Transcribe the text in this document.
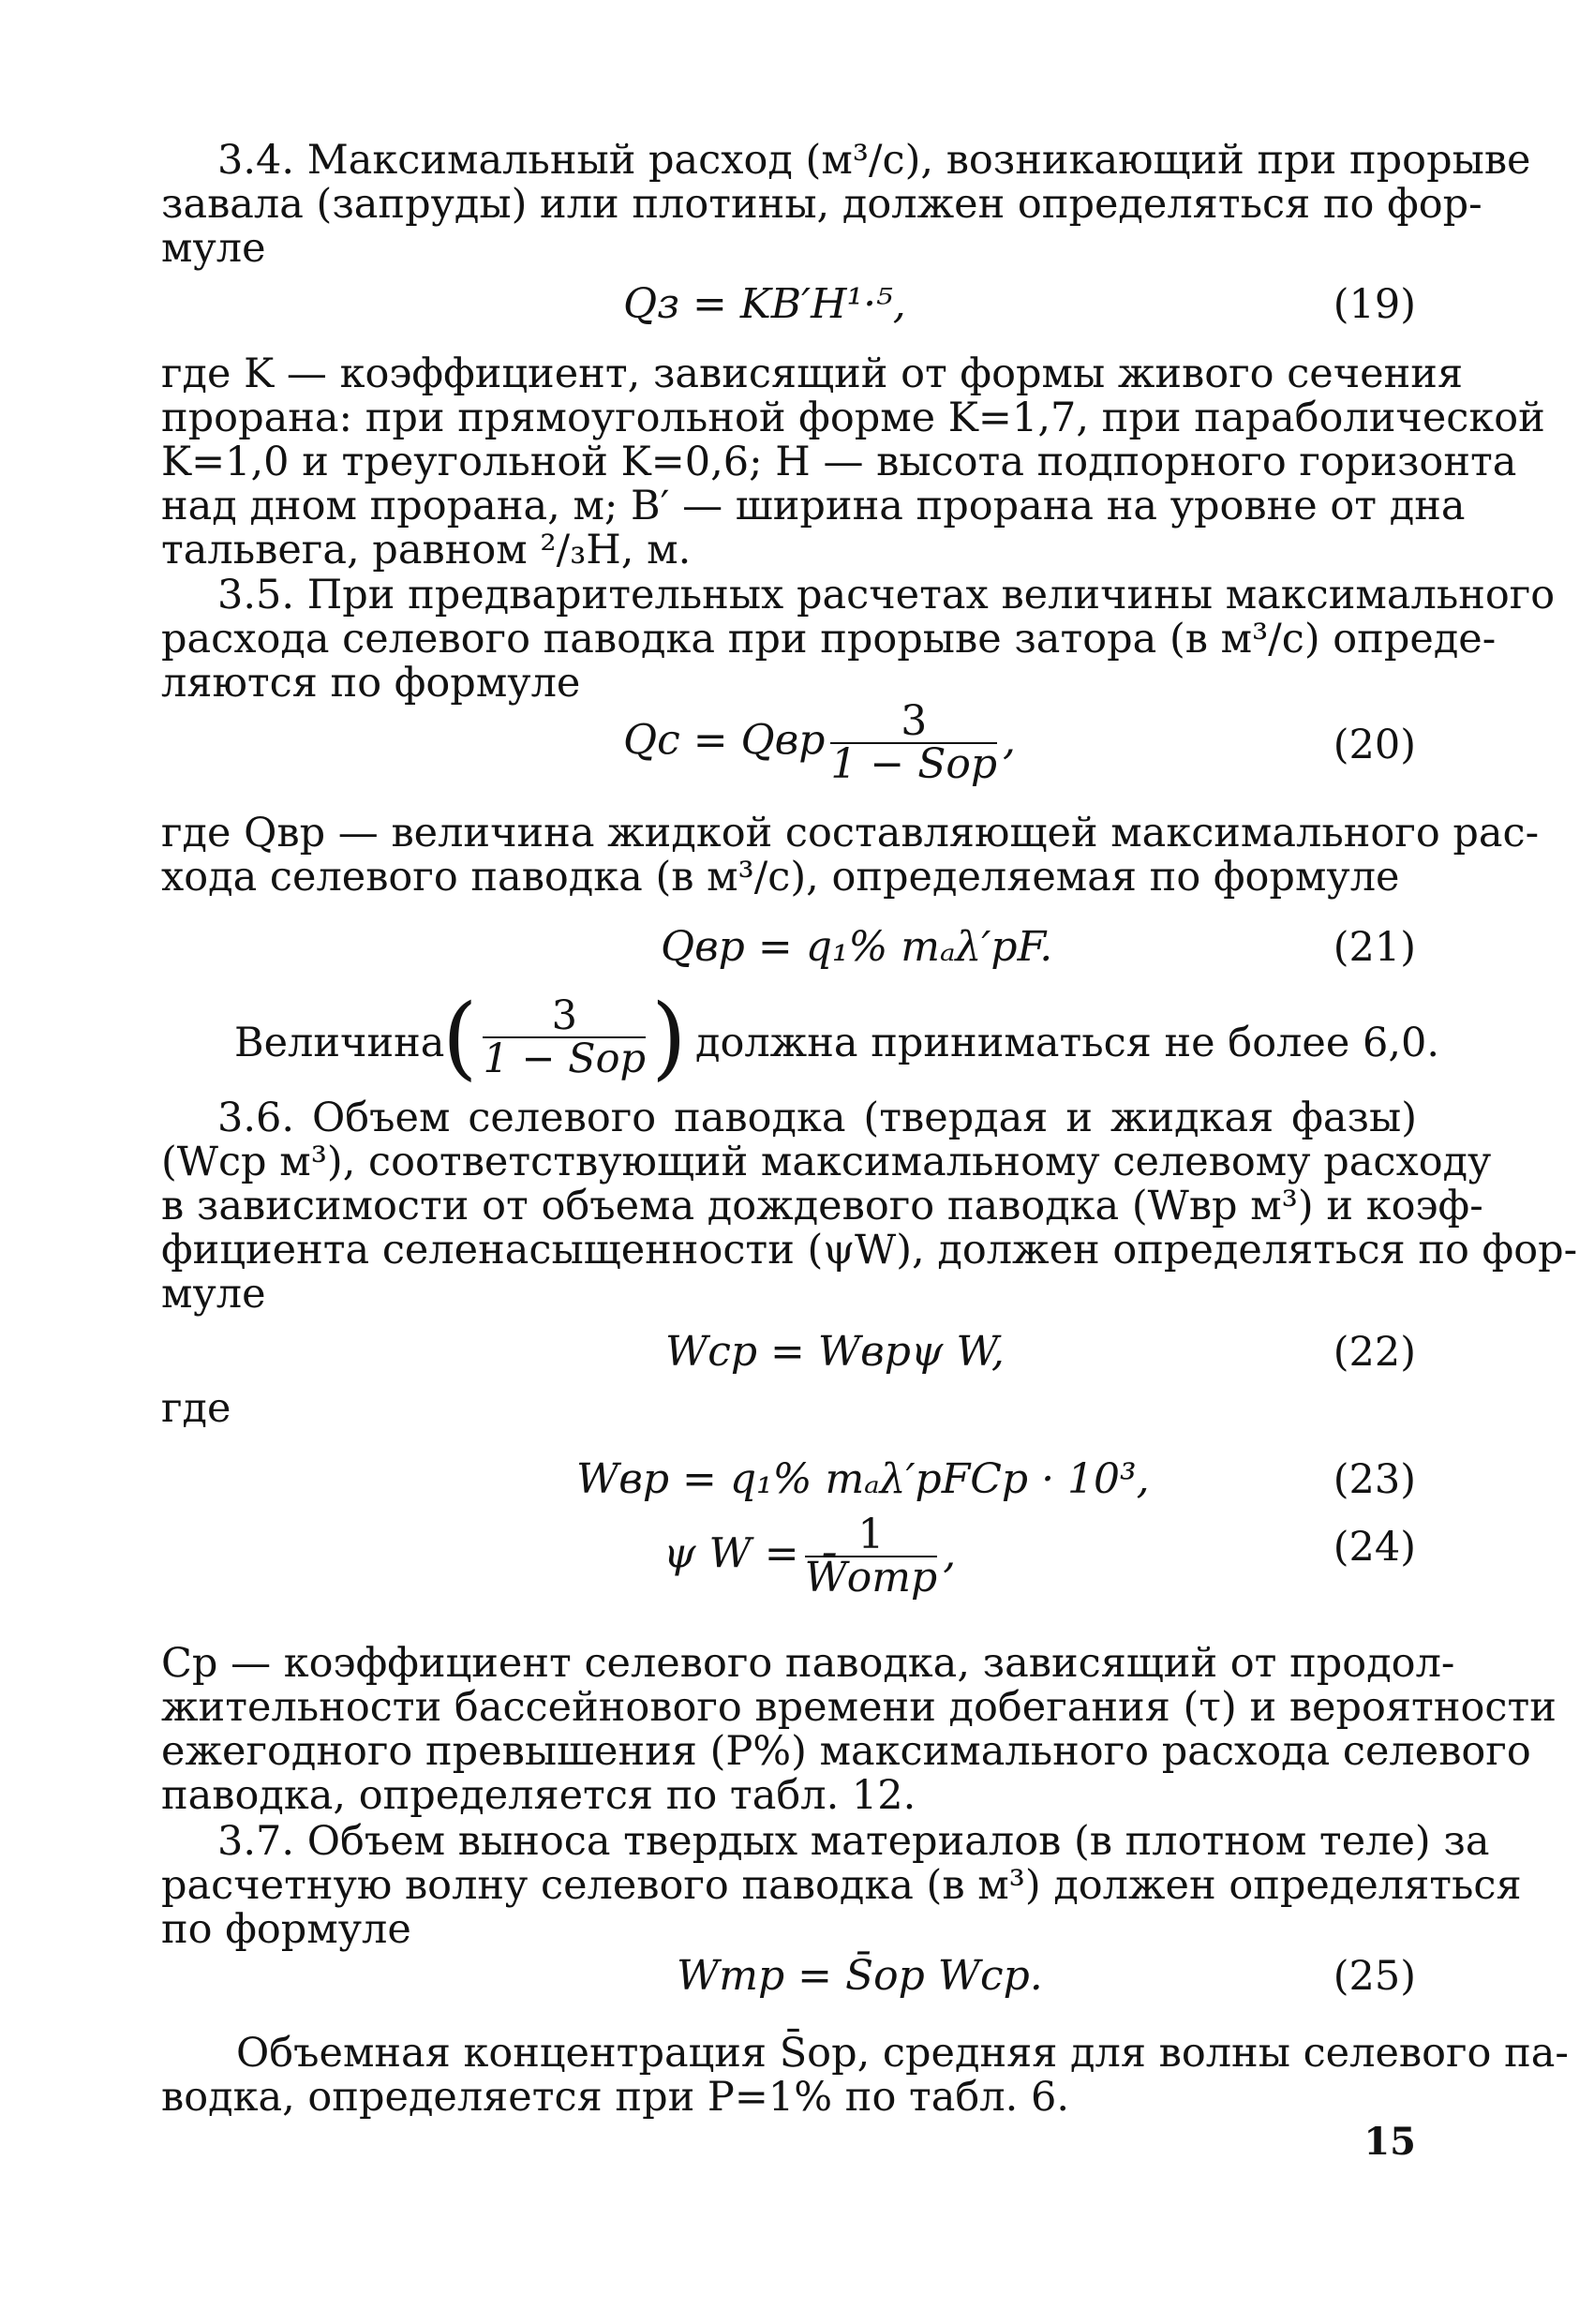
3.4. Максимальный расход (м³/с), возникающий при прорыве
завала (запруды) или плотины, должен определяться по фор-
муле
Qз = KB′H¹·⁵,	(19)
где K — коэффициент, зависящий от формы живого сечения
прорана: при прямоугольной форме K=1,7, при параболической
K=1,0 и треугольной K=0,6; H — высота подпорного горизонта
над дном прорана, м; B′ — ширина прорана на уровне от дна
тальвега, равном ²/₃H, м.
3.5. При предварительных расчетах величины максимального
расхода селевого паводка при прорыве затора (в м³/с) опреде-
ляются по формуле
Qс = Qвр $\frac{3}{\text{1 − Sор}}$ ,	(20)
где Qвр — величина жидкой составляющей максимального рас-
хода селевого паводка (в м³/с), определяемая по формуле
Qвр = q₁% mₐλ′рF.	(21)
Величина
( $\frac{3}{\text{1 − Sор}}$ ) должна приниматься не более 6,0.
3.6. Объем селевого паводка (твердая и жидкая фазы)
(Wср м³), соответствующий максимальному селевому расходу
в зависимости от объема дождевого паводка (Wвр м³) и коэф-
фициента селенасыщенности (ψW), должен определяться по фор-
муле
Wср = Wврψ W,	(22)
где
Wвр = q₁% mₐλ′рFCр · 10³,	(23)
ψ $W = \frac{1}{\text{W̄отр}}$ ,	(24)
Cр — коэффициент селевого паводка, зависящий от продол-
жительности бассейнового времени добегания (τ) и вероятности
ежегодного превышения (P%) максимального расхода селевого
паводка, определяется по табл. 12.
3.7. Объем выноса твердых материалов (в плотном теле) за
расчетную волну селевого паводка (в м³) должен определяться
по формуле
Wтр = S̄ор Wср.	(25)
Объемная концентрация S̄ор, средняя для волны селевого па-
водка, определяется при P=1% по табл. 6.
15
